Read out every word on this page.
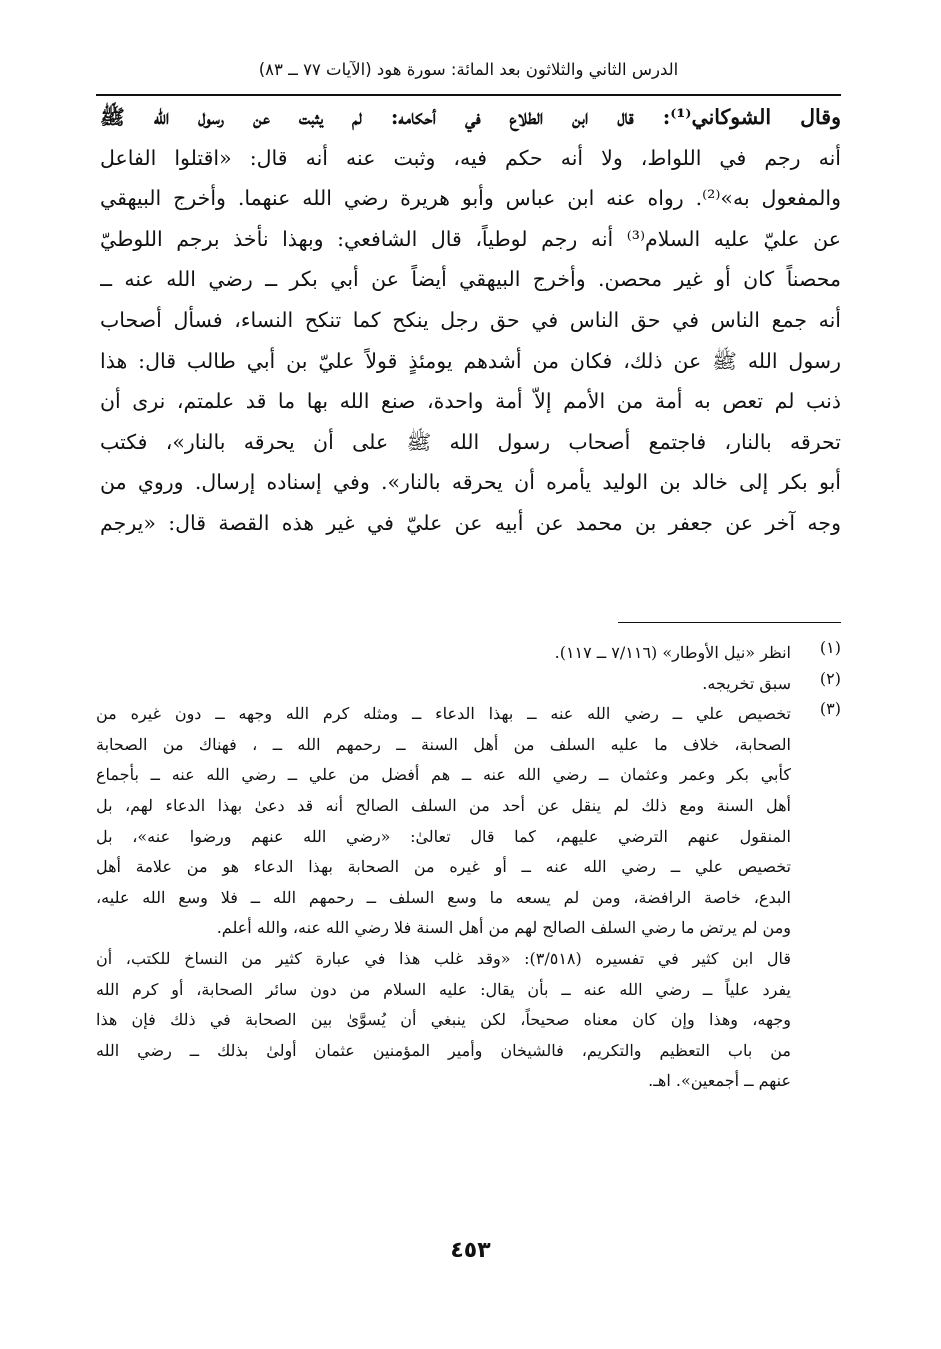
الدرس الثاني والثلاثون بعد المائة: سورة هود (الآيات ٧٧ ــ ٨٣)
وقال الشوكاني⁽¹⁾: قال ابن الطلاع في أحكامه: لم يثبت عن رسول الله ﷺ
أنه رجم في اللواط، ولا أنه حكم فيه، وثبت عنه أنه قال: «اقتلوا الفاعل
والمفعول به»⁽²⁾. رواه عنه ابن عباس وأبو هريرة رضي الله عنهما. وأخرج البيهقي
عن عليّ عليه السلام⁽³⁾ أنه رجم لوطياً، قال الشافعي: وبهذا نأخذ برجم اللوطيّ
محصناً كان أو غير محصن. وأخرج البيهقي أيضاً عن أبي بكر ــ رضي الله عنه ــ
أنه جمع الناس في حق الناس في حق رجل ينكح كما تنكح النساء، فسأل أصحاب
رسول الله ﷺ عن ذلك، فكان من أشدهم يومئذٍ قولاً عليّ بن أبي طالب قال: هذا
ذنب لم تعص به أمة من الأمم إلاّ أمة واحدة، صنع الله بها ما قد علمتم، نرى أن
تحرقه بالنار، فاجتمع أصحاب رسول الله ﷺ على أن يحرقه بالنار»، فكتب
أبو بكر إلى خالد بن الوليد يأمره أن يحرقه بالنار». وفي إسناده إرسال. وروي من
وجه آخر عن جعفر بن محمد عن أبيه عن عليّ في غير هذه القصة قال: «يرجم
(١)
انظر «نيل الأوطار» (٧/١١٦ ــ ١١٧).
(٢)
سبق تخريجه.
(٣)
تخصيص علي ــ رضي الله عنه ــ بهذا الدعاء ــ ومثله كرم الله وجهه ــ دون غيره من
الصحابة، خلاف ما عليه السلف من أهل السنة ــ رحمهم الله ــ ، فهناك من الصحابة
كأبي بكر وعمر وعثمان ــ رضي الله عنه ــ هم أفضل من علي ــ رضي الله عنه ــ بأجماع
أهل السنة ومع ذلك لم ينقل عن أحد من السلف الصالح أنه قد دعىٰ بهذا الدعاء لهم، بل
المنقول عنهم الترضي عليهم، كما قال تعالىٰ: «رضي الله عنهم ورضوا عنه»، بل
تخصيص علي ــ رضي الله عنه ــ أو غيره من الصحابة بهذا الدعاء هو من علامة أهل
البدع، خاصة الرافضة، ومن لم يسعه ما وسع السلف ــ رحمهم الله ــ فلا وسع الله عليه،
ومن لم يرتض ما رضي السلف الصالح لهم من أهل السنة فلا رضي الله عنه، والله أعلم.
قال ابن كثير في تفسيره (٣/٥١٨): «وقد غلب هذا في عبارة كثير من النساخ للكتب، أن
يفرد علياً ــ رضي الله عنه ــ بأن يقال: عليه السلام من دون سائر الصحابة، أو كرم الله
وجهه، وهذا وإن كان معناه صحيحاً، لكن ينبغي أن يُسوَّىٰ بين الصحابة في ذلك فإن هذا
من باب التعظيم والتكريم، فالشيخان وأمير المؤمنين عثمان أولىٰ بذلك ــ رضي الله
عنهم ــ أجمعين». اهـ.
٤٥٣
